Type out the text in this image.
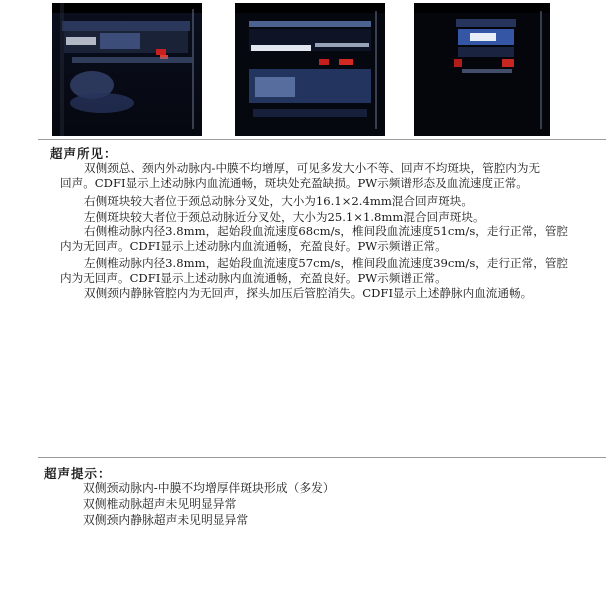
超声所见：
双侧颈总、颈内外动脉内-中膜不均增厚，可见多发大小不等、回声不均斑块，管腔内为无
回声。CDFI显示上述动脉内血流通畅，斑块处充盈缺损。PW示频谱形态及血流速度正常。
右侧斑块较大者位于颈总动脉分叉处，大小为16.1×2.4mm混合回声斑块。
左侧斑块较大者位于颈总动脉近分叉处，大小为25.1×1.8mm混合回声斑块。
右侧椎动脉内径3.8mm，起始段血流速度68cm/s，椎间段血流速度51cm/s，走行正常，管腔
内为无回声。CDFI显示上述动脉内血流通畅，充盈良好。PW示频谱正常。
左侧椎动脉内径3.8mm，起始段血流速度57cm/s，椎间段血流速度39cm/s，走行正常，管腔
内为无回声。CDFI显示上述动脉内血流通畅，充盈良好。PW示频谱正常。
双侧颈内静脉管腔内为无回声，探头加压后管腔消失。CDFI显示上述静脉内血流通畅。
超声提示：
双侧颈动脉内-中膜不均增厚伴斑块形成（多发）
双侧椎动脉超声未见明显异常
双侧颈内静脉超声未见明显异常
